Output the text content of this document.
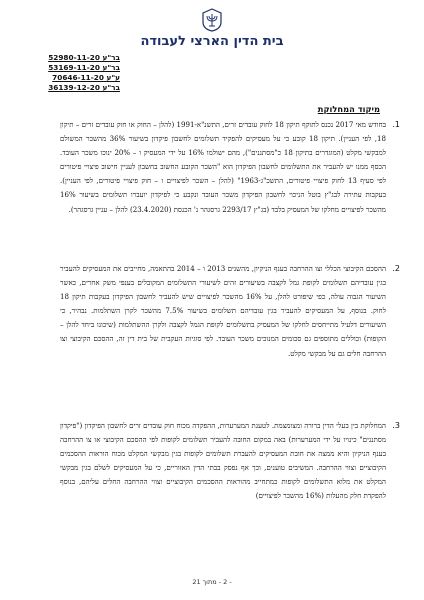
בית הדין הארצי לעבודה
בר"ע 52980-11-20
בר"ע 53169-11-20
ע"ע 70646-11-20
בר"ע 36139-12-20
מיקוד המחלוקת
1.

בחודש מאי 2017 נכנס לתוקף תיקון 18 לחוק עובדים זרים, התשנ"א-1991 (להלן – החוק או חוק עובדים זרים – תיקון 18, לפי העניין). תיקון 18 קובע כי על מעסיקים להפקיד תשלומים לחשבון פיקדון בשיעור 36% מהשכר המשולם למבקשי מקלט (המוגדרים בתיקון 18 כ"מסתננים"), מהם ישולמו 16% על ידי המעסיק ו – 20% ינוכו משכר העובד. הכסף ממנו יש להעביר את התשלומים לחשבון הפיקדון הוא "השכר הקובע החשוב בחשבון לעניין חישוב פיצויי פיטורים לפי סעיף 13 לחוק פיצויי פיטורים, התשכ"ג-1963" (להלן – השכר לפיצויים ו – חוק פיצויי פיטורים, לפי העניין). בעקבות עתירה לבג"ץ בוטל הניכוי לחשבון הפיקדון משכר העובד ונקבע כי לפיקדון יועברו תשלומים בשיעור 16% מהשכר לפיצויים מחלקו של המעסיק בלבד (בג"ץ 2293/17 גרסגהר נ' הכנסת (23.4.2020) להלן – עניין גרסגהר).

2.

ההסכם הקיבוצי הכללי וצו ההרחבה בענף הניקיון, מהשנים 2013 ו – 2014 בהתאמה, מחייבים את המעסיקים להעביר בגין עובדיהם תשלומים לקופת גמל לקצבה בשיעורים זהים לשיעורי התשלומים המקובלים בענפי משק אחרים, כאשר השיעור הגבוה עולה, כפי שיפורט להלן, על 16% מהשכר לפיצויים שיש להעביר לחשבון הפיקדון בעקבות תיקון 18 לחוק. בנוסף, על המעסיקים להעביר בגין עובדיהם תשלומים בשיעור 7.5% מהשכר לקרן השתלמות. נבהיר, כי השיעורים דלעיל מתייחסים לחלקו של המעסיק בתשלומים לקופת הגמל לקצבה ולקרן ההשתלמות (שיכונו ביחד להלן – הקופות) וכוללים מתוספים גם סכומים המנוכים משכר העובד. לפי סוגיות העקבית של בית דין זה, ההסכם הקיבוצי וצו ההרחבה חלים גם על מבקשי מקלט.

3.

המחלוקת בין בעלי הדין ברורה ומצומצמת. לטענת המערערות, ההפקדה מכוח חוק עובדים זרים לחשבון הפיקדון ("פיקדון מסתננים" כינויו על ידי המערערות) באה במקום החובה להעביר תשלומים לקופות לפי ההסכם הקיבוצי או צו ההרחבה בענף הניקיון והיא ממצה את חובת המעסיקים להעברת תשלומים לקופות בגין מבקשי המקלט מכוח הוראות ההסכמים הקיבוציים וצווי ההרחבה. המשיבים טוענים, וכך אף נפסק בבתי הדין האזוריים, כי על המעסיקים לשלם בגין מבקשי המקלט את מלוא התשלומים לקופות כמתחייב מהוראות ההסכמים הקיבוציים וצווי ההרחבה החלים עליהם, בנוסף להפקדת חלק מהעלות (16% מהשכר לפיצויים)

- 2 - מתוך 21
